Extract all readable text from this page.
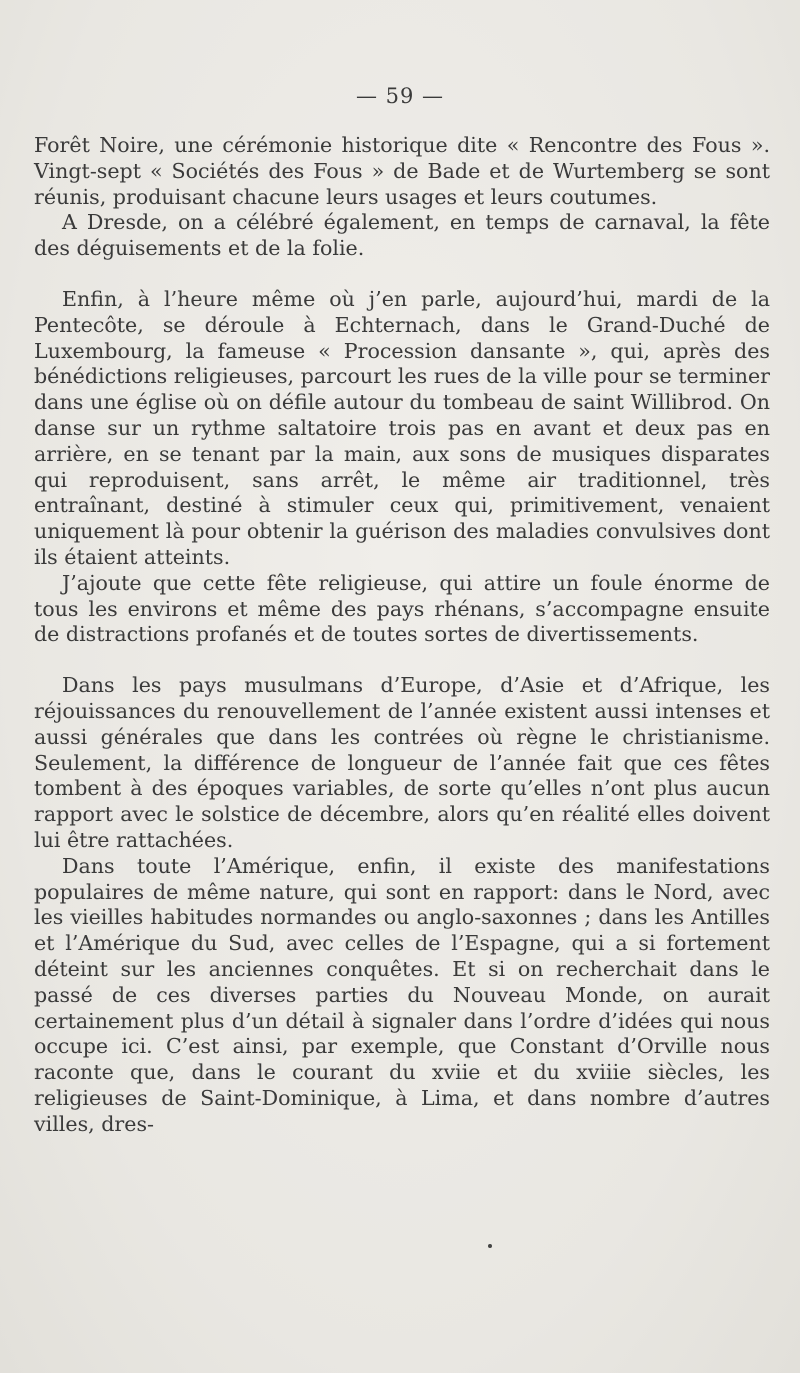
— 59 —

Forêt Noire, une cérémonie historique dite « Rencontre des Fous ». Vingt-sept « Sociétés des Fous » de Bade et de Wurtemberg se sont réunis, produisant chacune leurs usages et leurs coutumes.

A Dresde, on a célébré également, en temps de carnaval, la fête des déguisements et de la folie.

Enfin, à l’heure même où j’en parle, aujourd’hui, mardi de la Pentecôte, se déroule à Echternach, dans le Grand-Duché de Luxembourg, la fameuse « Procession dansante », qui, après des bénédictions religieuses, parcourt les rues de la ville pour se terminer dans une église où on défile autour du tombeau de saint Willibrod. On danse sur un rythme saltatoire trois pas en avant et deux pas en arrière, en se tenant par la main, aux sons de musiques disparates qui reproduisent, sans arrêt, le même air traditionnel, très entraînant, destiné à stimuler ceux qui, primitivement, venaient uniquement là pour obtenir la guérison des maladies convulsives dont ils étaient atteints.

J’ajoute que cette fête religieuse, qui attire un foule énorme de tous les environs et même des pays rhénans, s’accompagne ensuite de distractions profanés et de toutes sortes de divertissements.

Dans les pays musulmans d’Europe, d’Asie et d’Afrique, les réjouissances du renouvellement de l’année existent aussi intenses et aussi générales que dans les contrées où règne le christianisme. Seulement, la différence de longueur de l’année fait que ces fêtes tombent à des époques variables, de sorte qu’elles n’ont plus aucun rapport avec le solstice de décembre, alors qu’en réalité elles doivent lui être rattachées.

Dans toute l’Amérique, enfin, il existe des manifestations populaires de même nature, qui sont en rapport: dans le Nord, avec les vieilles habitudes normandes ou anglo-saxonnes ; dans les Antilles et l’Amérique du Sud, avec celles de l’Espagne, qui a si fortement déteint sur les anciennes conquêtes. Et si on recherchait dans le passé de ces diverses parties du Nouveau Monde, on aurait certainement plus d’un détail à signaler dans l’ordre d’idées qui nous occupe ici. C’est ainsi, par exemple, que Constant d’Orville nous raconte que, dans le courant du xviie et du xviiie siècles, les religieuses de Saint-Dominique, à Lima, et dans nombre d’autres villes, dres-
